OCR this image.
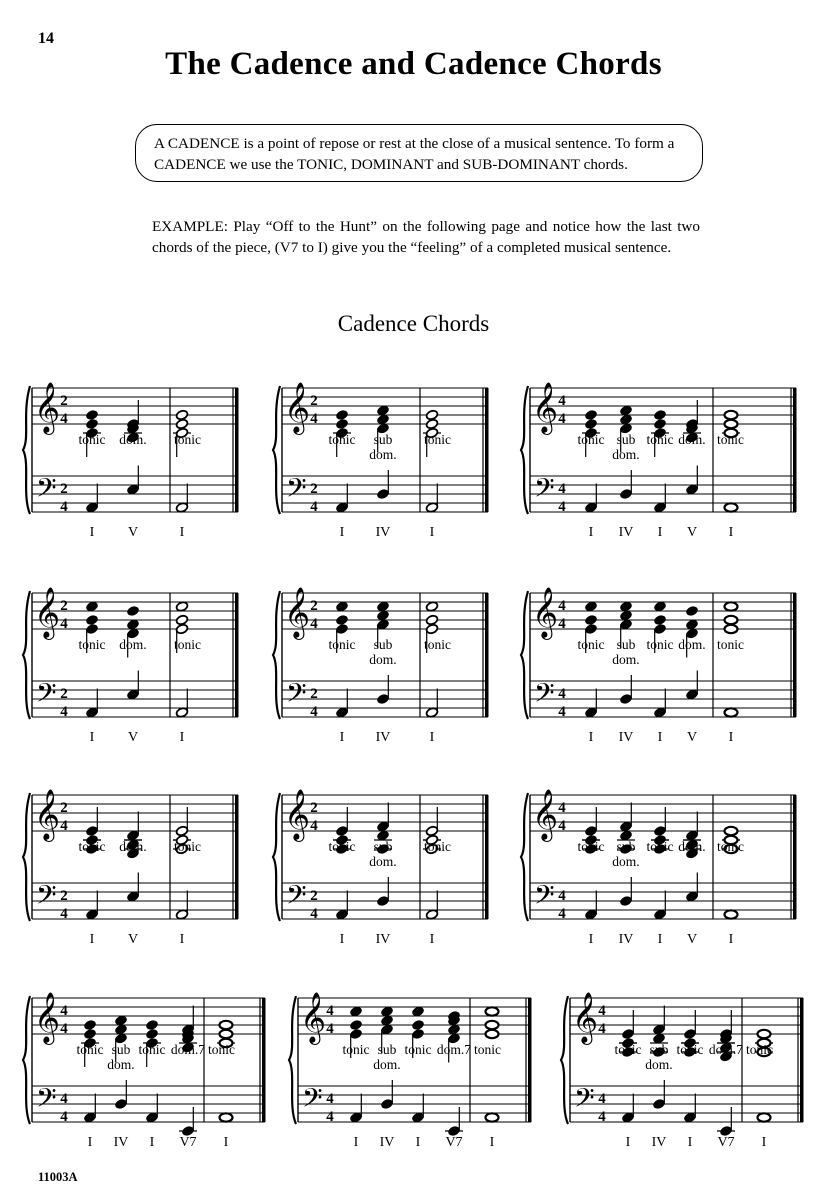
14
The Cadence and Cadence Chords
A CADENCE is a point of repose or rest at the close of a musical sentence. To form a CADENCE we use the TONIC, DOMINANT and SUB-DOMINANT chords.
EXAMPLE: Play “Off to the Hunt” on the following page and notice how the last two chords of the piece, (V7 to I) give you the “feeling” of a completed musical sentence.
Cadence Chords
𝄞
𝄢
2
4
2
4
tonic dom. tonic
I V	I
𝄞
𝄢
2
4
2
4
tonic sub
dom.
tonic
I IV	I
𝄞
𝄢
4
4
4
4
tonic sub tonic dom.
dom.
tonic
I IV I V I
𝄞
𝄢
2
4
2
4
tonic dom. tonic
I V	I
𝄞
𝄢
2
4
2
4
tonic sub
dom.
tonic
I IV	I
𝄞
𝄢
4
4
4
4
tonic sub tonic dom.
dom.
tonic
I IV I V I
𝄞
𝄢
2
4
2
4
tonic dom. tonic
I V	I
𝄞
𝄢
2
4
2
4
tonic sub
dom.
tonic
I IV	I
𝄞
𝄢
4
4
4
4
tonic sub tonic dom.
dom.
tonic
I IV I V I
𝄞
𝄢
4
4
4
4
tonic sub tonic dom.7
dom.
tonic
I IV I V7 I
𝄞
𝄢
4
4
4
4
tonic sub tonic dom.7
dom.
tonic
I IV I V7 I
𝄞
𝄢
4
4
4
4
tonic sub tonic dom.7
dom.
tonic
I IV I V7 I
11003A
